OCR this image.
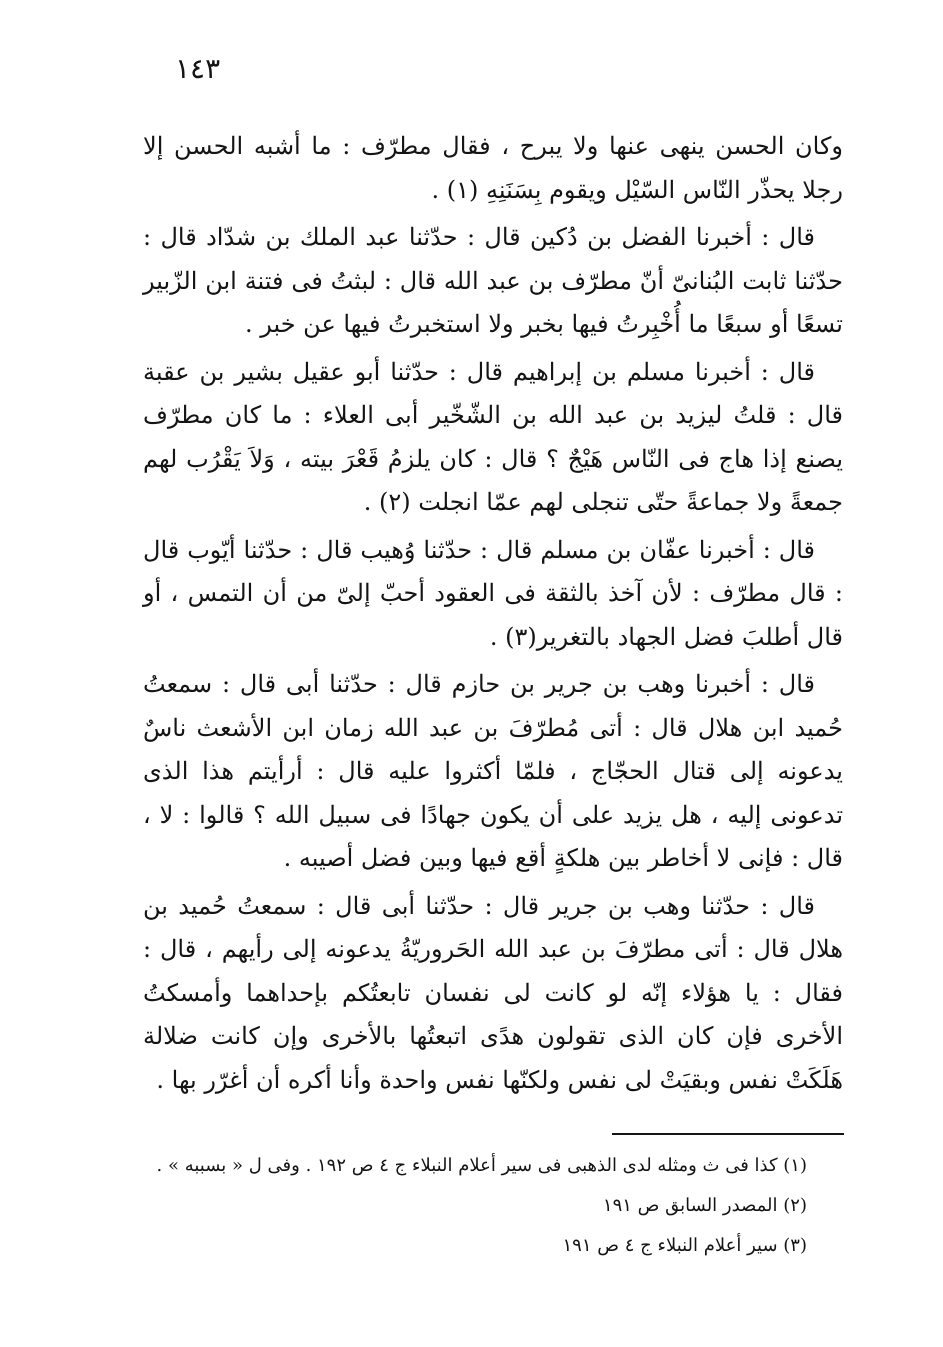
١٤٣

وكان الحسن ينهى عنها ولا يبرح ، فقال مطرّف : ما أشبه الحسن إلا رجلا يحذّر النّاس السّيْل ويقوم بِسَنَنِهِ (١) .

قال : أخبرنا الفضل بن دُكين قال : حدّثنا عبد الملك بن شدّاد قال : حدّثنا ثابت البُنانىّ أنّ مطرّف بن عبد الله قال : لبثتُ فى فتنة ابن الزّبير تسعًا أو سبعًا ما أُخْبِرتُ فيها بخبر ولا استخبرتُ فيها عن خبر .

قال : أخبرنا مسلم بن إبراهيم قال : حدّثنا أبو عقيل بشير بن عقبة قال : قلتُ ليزيد بن عبد الله بن الشّخّير أبى العلاء : ما كان مطرّف يصنع إذا هاج فى النّاس هَيْجٌ ؟ قال : كان يلزمُ قَعْرَ بيته ، وَلاَ يَقْرُب لهم جمعةً ولا جماعةً حتّى تنجلى لهم عمّا انجلت (٢) .

قال : أخبرنا عفّان بن مسلم قال : حدّثنا وُهيب قال : حدّثنا أيّوب قال : قال مطرّف : لأن آخذ بالثقة فى العقود أحبّ إلىّ من أن التمس ، أو قال أطلبَ فضل الجهاد بالتغرير(٣) .

قال : أخبرنا وهب بن جرير بن حازم قال : حدّثنا أبى قال : سمعتُ حُميد ابن هلال قال : أتى مُطرّفَ بن عبد الله زمان ابن الأشعث ناسٌ يدعونه إلى قتال الحجّاج ، فلمّا أكثروا عليه قال : أرأيتم هذا الذى تدعونى إليه ، هل يزيد على أن يكون جهادًا فى سبيل الله ؟ قالوا : لا ، قال : فإنى لا أخاطر بين هلكةٍ أقع فيها وبين فضل أصيبه .

قال : حدّثنا وهب بن جرير قال : حدّثنا أبى قال : سمعتُ حُميد بن هلال قال : أتى مطرّفَ بن عبد الله الحَروريّةُ يدعونه إلى رأيهم ، قال : فقال : يا هؤلاء إنّه لو كانت لى نفسان تابعتُكم بإحداهما وأمسكتُ الأخرى فإن كان الذى تقولون هدًى اتبعتُها بالأخرى وإن كانت ضلالة هَلَكَتْ نفس وبقيَتْ لى نفس ولكنّها نفس واحدة وأنا أكره أن أغرّر بها .

(١) كذا فى ث ومثله لدى الذهبى فى سير أعلام النبلاء ج ٤ ص ١٩٢ . وفى ل « بسببه » .
(٢) المصدر السابق ص ١٩١
(٣) سير أعلام النبلاء ج ٤ ص ١٩١
